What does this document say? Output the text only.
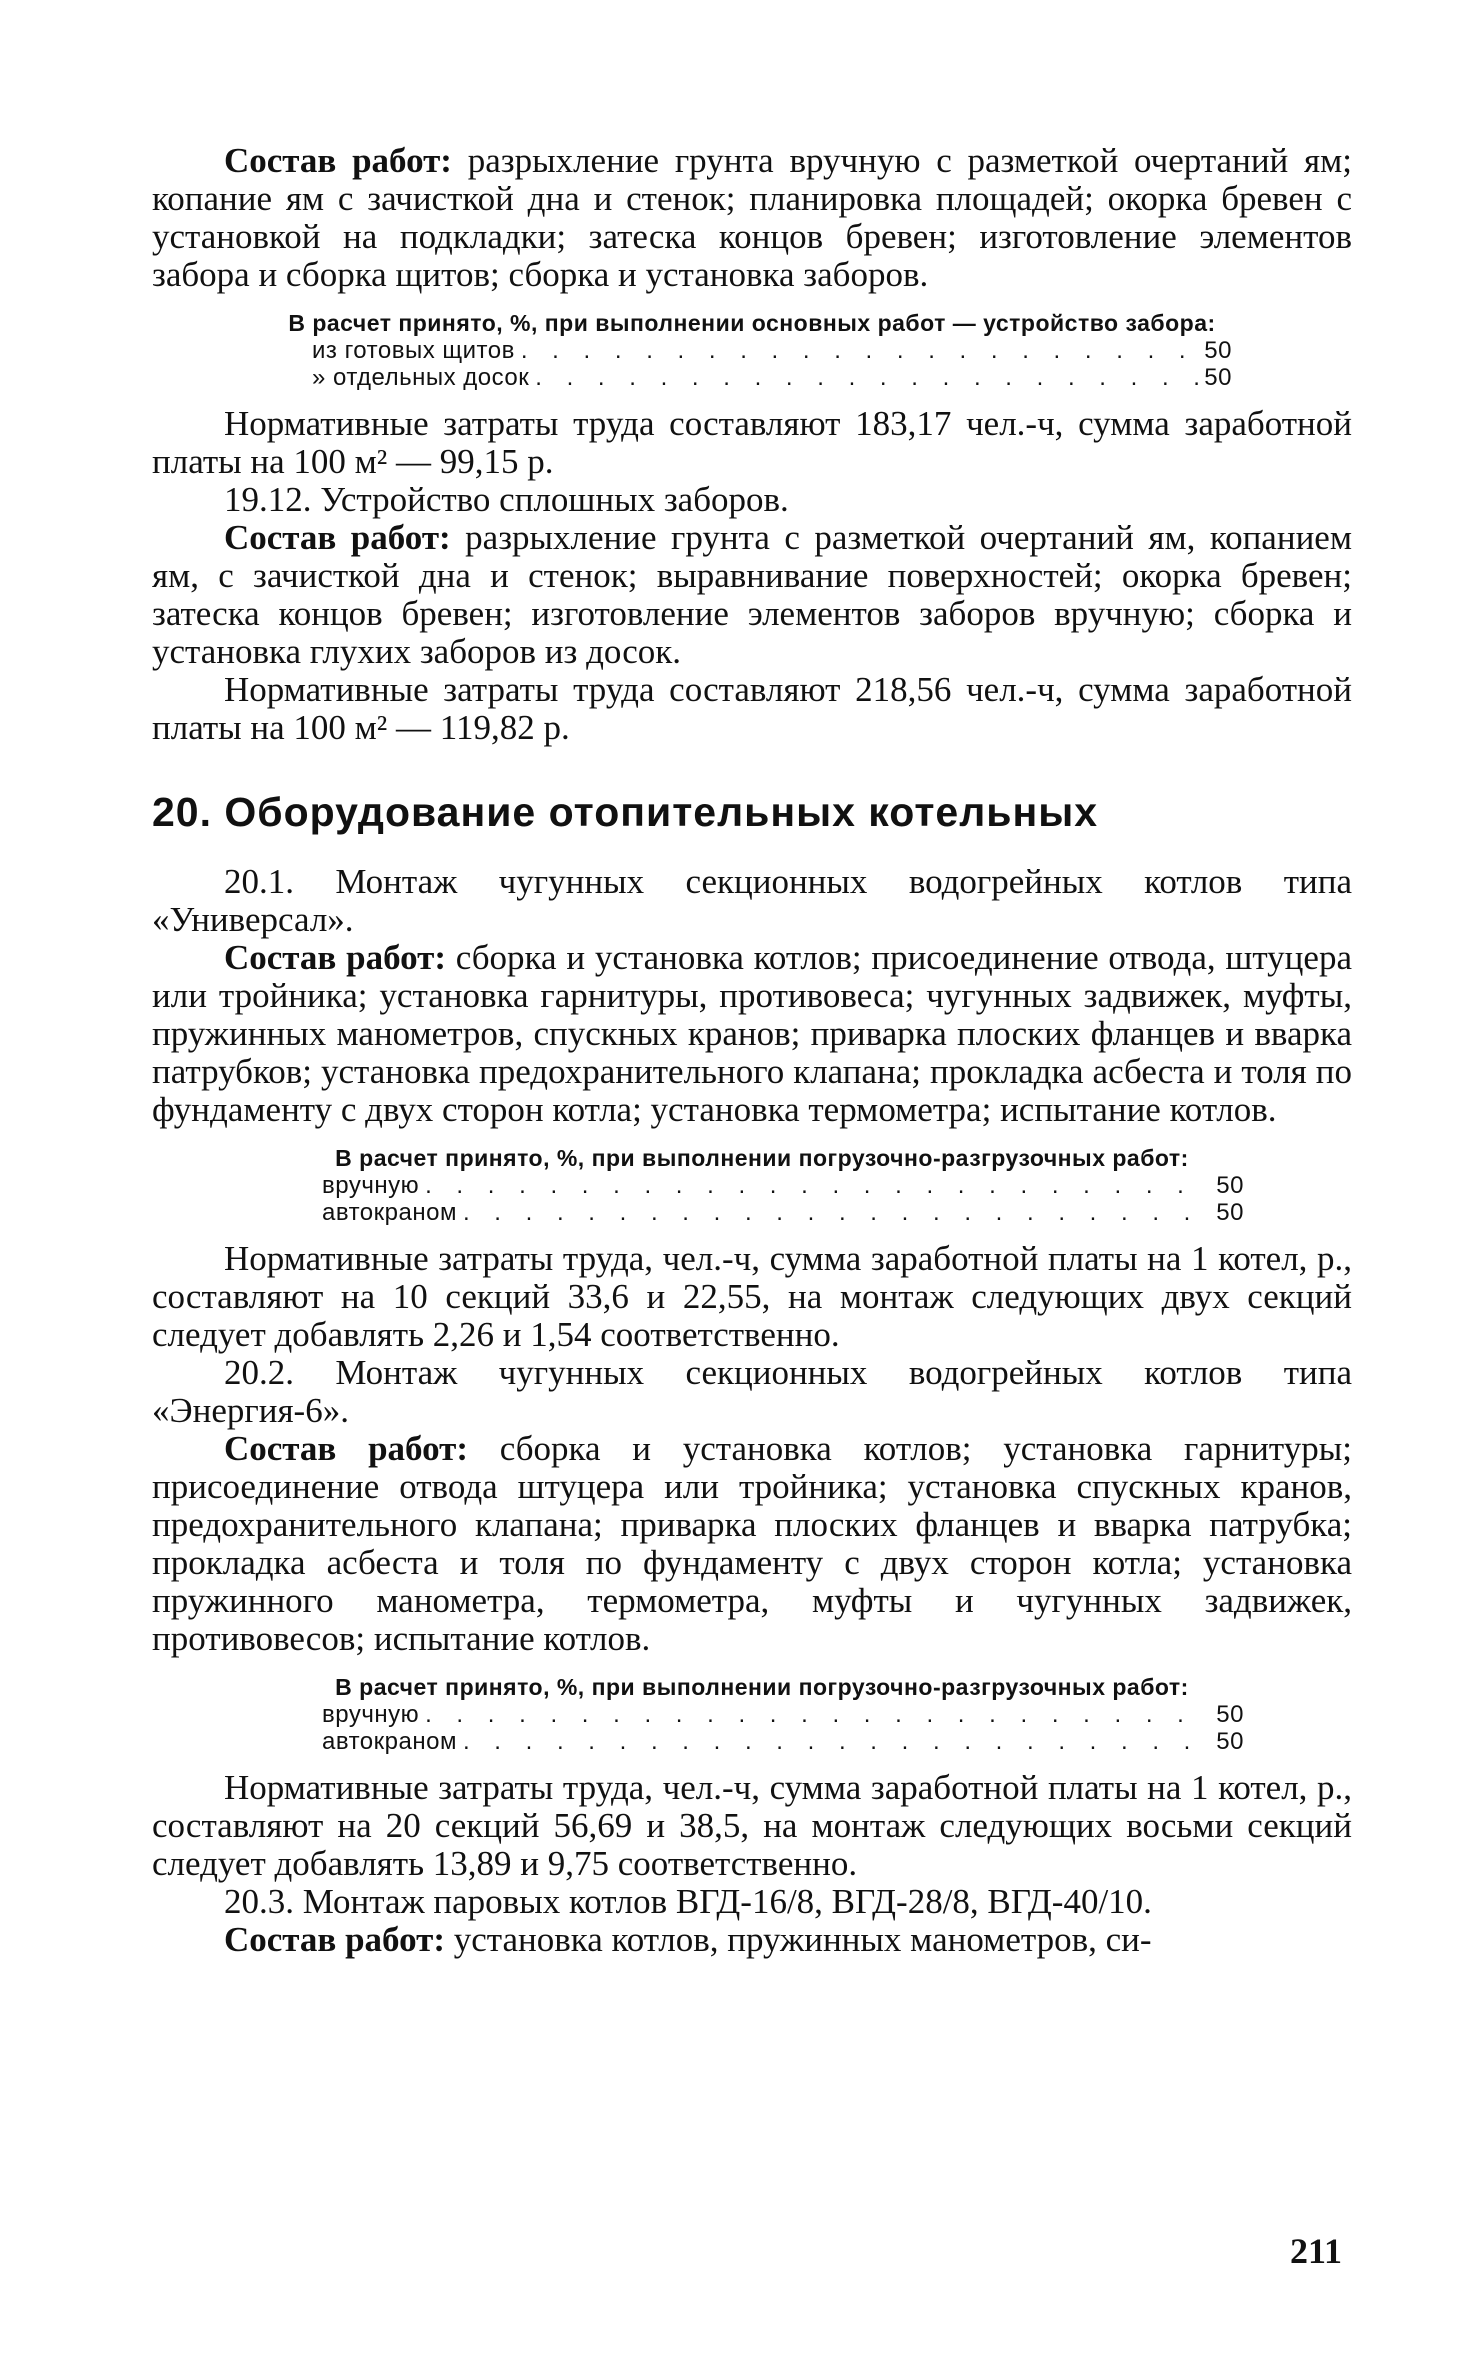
Состав работ: разрыхление грунта вручную с разметкой очертаний ям; копание ям с зачисткой дна и стенок; планировка площадей; окорка бревен с установкой на подкладки; затеска концов бревен; изготовление элементов забора и сборка щитов; сборка и установка заборов.

В расчет принято, %, при выполнении основных работ — устройство забора:
из готовых щитов . . .	50
» отдельных досок . . .	50

Нормативные затраты труда составляют 183,17 чел.-ч, сумма заработной платы на 100 м² — 99,15 р.

19.12. Устройство сплошных заборов.

Состав работ: разрыхление грунта с разметкой очертаний ям, копанием ям, с зачисткой дна и стенок; выравнивание поверхностей; окорка бревен; затеска концов бревен; изготовление элементов заборов вручную; сборка и установка глухих заборов из досок.

Нормативные затраты труда составляют 218,56 чел.-ч, сумма заработной платы на 100 м² — 119,82 р.

20. Оборудование отопительных котельных

20.1. Монтаж чугунных секционных водогрейных котлов типа «Универсал».

Состав работ: сборка и установка котлов; присоединение отвода, штуцера или тройника; установка гарнитуры, противовеса; чугунных задвижек, муфты, пружинных манометров, спускных кранов; приварка плоских фланцев и вварка патрубков; установка предохранительного клапана; прокладка асбеста и толя по фундаменту с двух сторон котла; установка термометра; испытание котлов.

В расчет принято, %, при выполнении погрузочно-разгрузочных работ:
вручную . . .	50
автокраном . . .	50

Нормативные затраты труда, чел.-ч, сумма заработной платы на 1 котел, р., составляют на 10 секций 33,6 и 22,55, на монтаж следующих двух секций следует добавлять 2,26 и 1,54 соответственно.

20.2. Монтаж чугунных секционных водогрейных котлов типа «Энергия-6».

Состав работ: сборка и установка котлов; установка гарнитуры; присоединение отвода штуцера или тройника; установка спускных кранов, предохранительного клапана; приварка плоских фланцев и вварка патрубка; прокладка асбеста и толя по фундаменту с двух сторон котла; установка пружинного манометра, термометра, муфты и чугунных задвижек, противовесов; испытание котлов.

В расчет принято, %, при выполнении погрузочно-разгрузочных работ:
вручную . . .	50
автокраном . . .	50

Нормативные затраты труда, чел.-ч, сумма заработной платы на 1 котел, р., составляют на 20 секций 56,69 и 38,5, на монтаж следующих восьми секций следует добавлять 13,89 и 9,75 соответственно.

20.3. Монтаж паровых котлов ВГД-16/8, ВГД-28/8, ВГД-40/10.

Состав работ: установка котлов, пружинных манометров, си-

211
